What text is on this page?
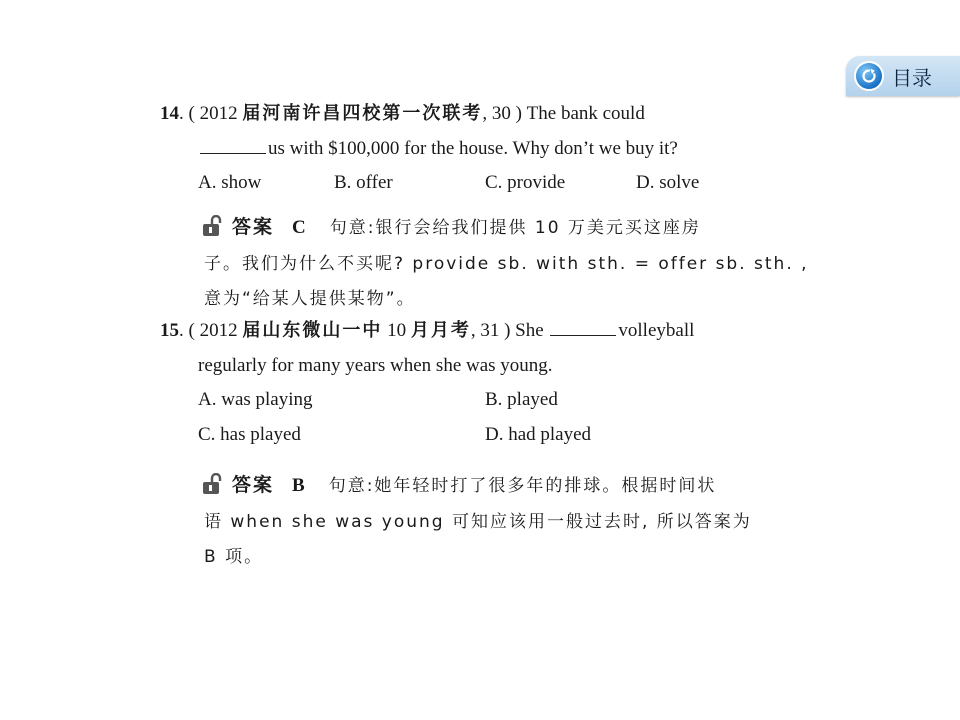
目录
14. ( 2012 届河南许昌四校第一次联考, 30 ) The bank could
us with $100,000 for the house. Why don’t we buy it?
A. show	B. offer	C. provide	D. solve
答案 C 句意:银行会给我们提供 10 万美元买这座房
子。我们为什么不买呢? provide sb. with sth. = offer sb. sth. ,
意为“给某人提供某物”。
15. ( 2012 届山东微山一中 10 月月考, 31 ) She	volleyball
regularly for many years when she was young.
A. was playing	B. played
C. has played	D. had played
答案 B 句意:她年轻时打了很多年的排球。根据时间状
语 when she was young 可知应该用一般过去时, 所以答案为
B 项。
